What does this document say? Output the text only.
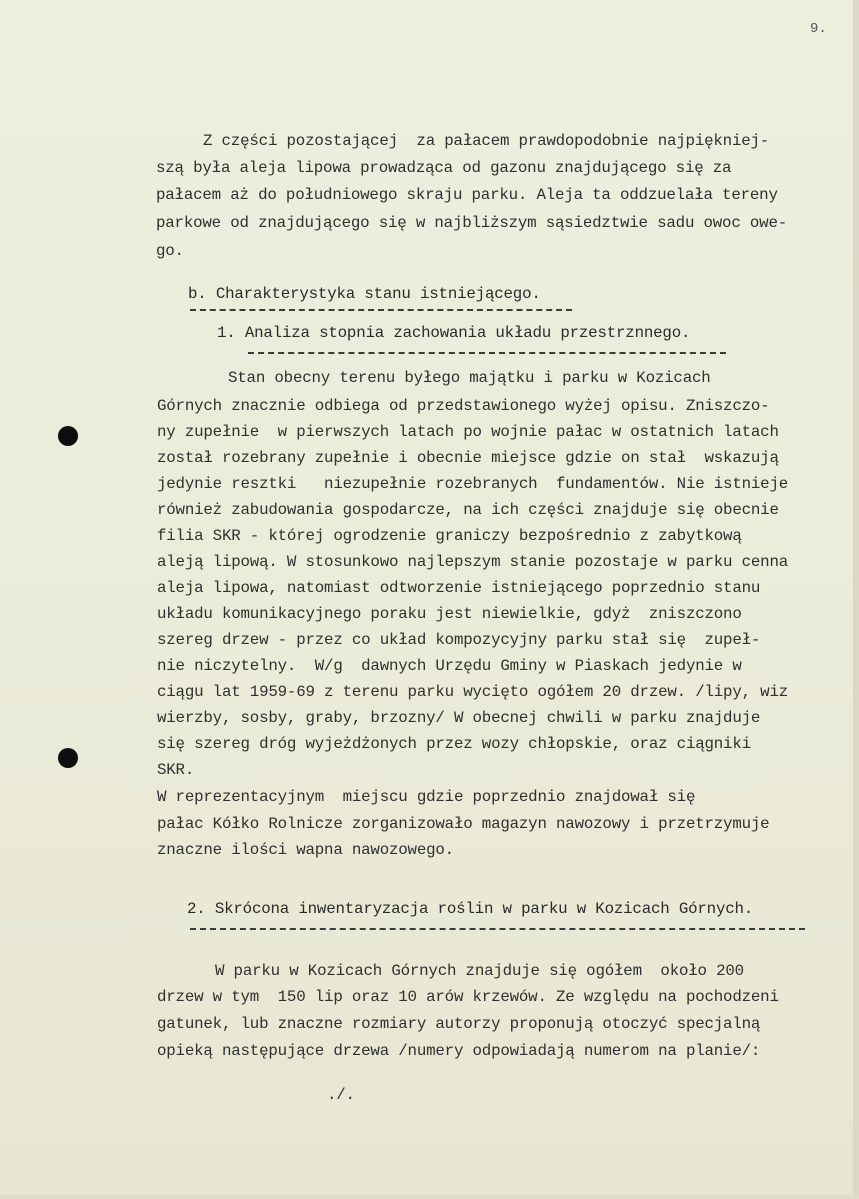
9.
Z części pozostającej  za pałacem prawdopodobnie najpiękniej-
szą była aleja lipowa prowadząca od gazonu znajdującego się za
pałacem aż do południowego skraju parku. Aleja ta oddzuelała tereny
parkowe od znajdującego się w najbliższym sąsiedztwie sadu owoc owe-
go.
b. Charakterystyka stanu istniejącego.
1. Analiza stopnia zachowania układu przestrznnego.
Stan obecny terenu byłego majątku i parku w Kozicach
Górnych znacznie odbiega od przedstawionego wyżej opisu. Zniszczo-
ny zupełnie  w pierwszych latach po wojnie pałac w ostatnich latach
został rozebrany zupełnie i obecnie miejsce gdzie on stał  wskazują
jedynie resztki   niezupełnie rozebranych  fundamentów. Nie istnieje
również zabudowania gospodarcze, na ich części znajduje się obecnie
filia SKR - której ogrodzenie graniczy bezpośrednio z zabytkową
aleją lipową. W stosunkowo najlepszym stanie pozostaje w parku cenna
aleja lipowa, natomiast odtworzenie istniejącego poprzednio stanu
układu komunikacyjnego poraku jest niewielkie, gdyż  zniszczono
szereg drzew - przez co układ kompozycyjny parku stał się  zupeł-
nie niczytelny.  W/g  dawnych Urzędu Gminy w Piaskach jedynie w
ciągu lat 1959-69 z terenu parku wycięto ogółem 20 drzew. /lipy, wiz
wierzby, sosby, graby, brzozny/ W obecnej chwili w parku znajduje
się szereg dróg wyjeżdżonych przez wozy chłopskie, oraz ciągniki
SKR.
W reprezentacyjnym  miejscu gdzie poprzednio znajdował się
pałac Kółko Rolnicze zorganizowało magazyn nawozowy i przetrzymuje
znaczne ilości wapna nawozowego.
2. Skrócona inwentaryzacja roślin w parku w Kozicach Górnych.
W parku w Kozicach Górnych znajduje się ogółem  około 200
drzew w tym  150 lip oraz 10 arów krzewów. Ze względu na pochodzeni
gatunek, lub znaczne rozmiary autorzy proponują otoczyć specjalną
opieką następujące drzewa /numery odpowiadają numerom na planie/:
./.
